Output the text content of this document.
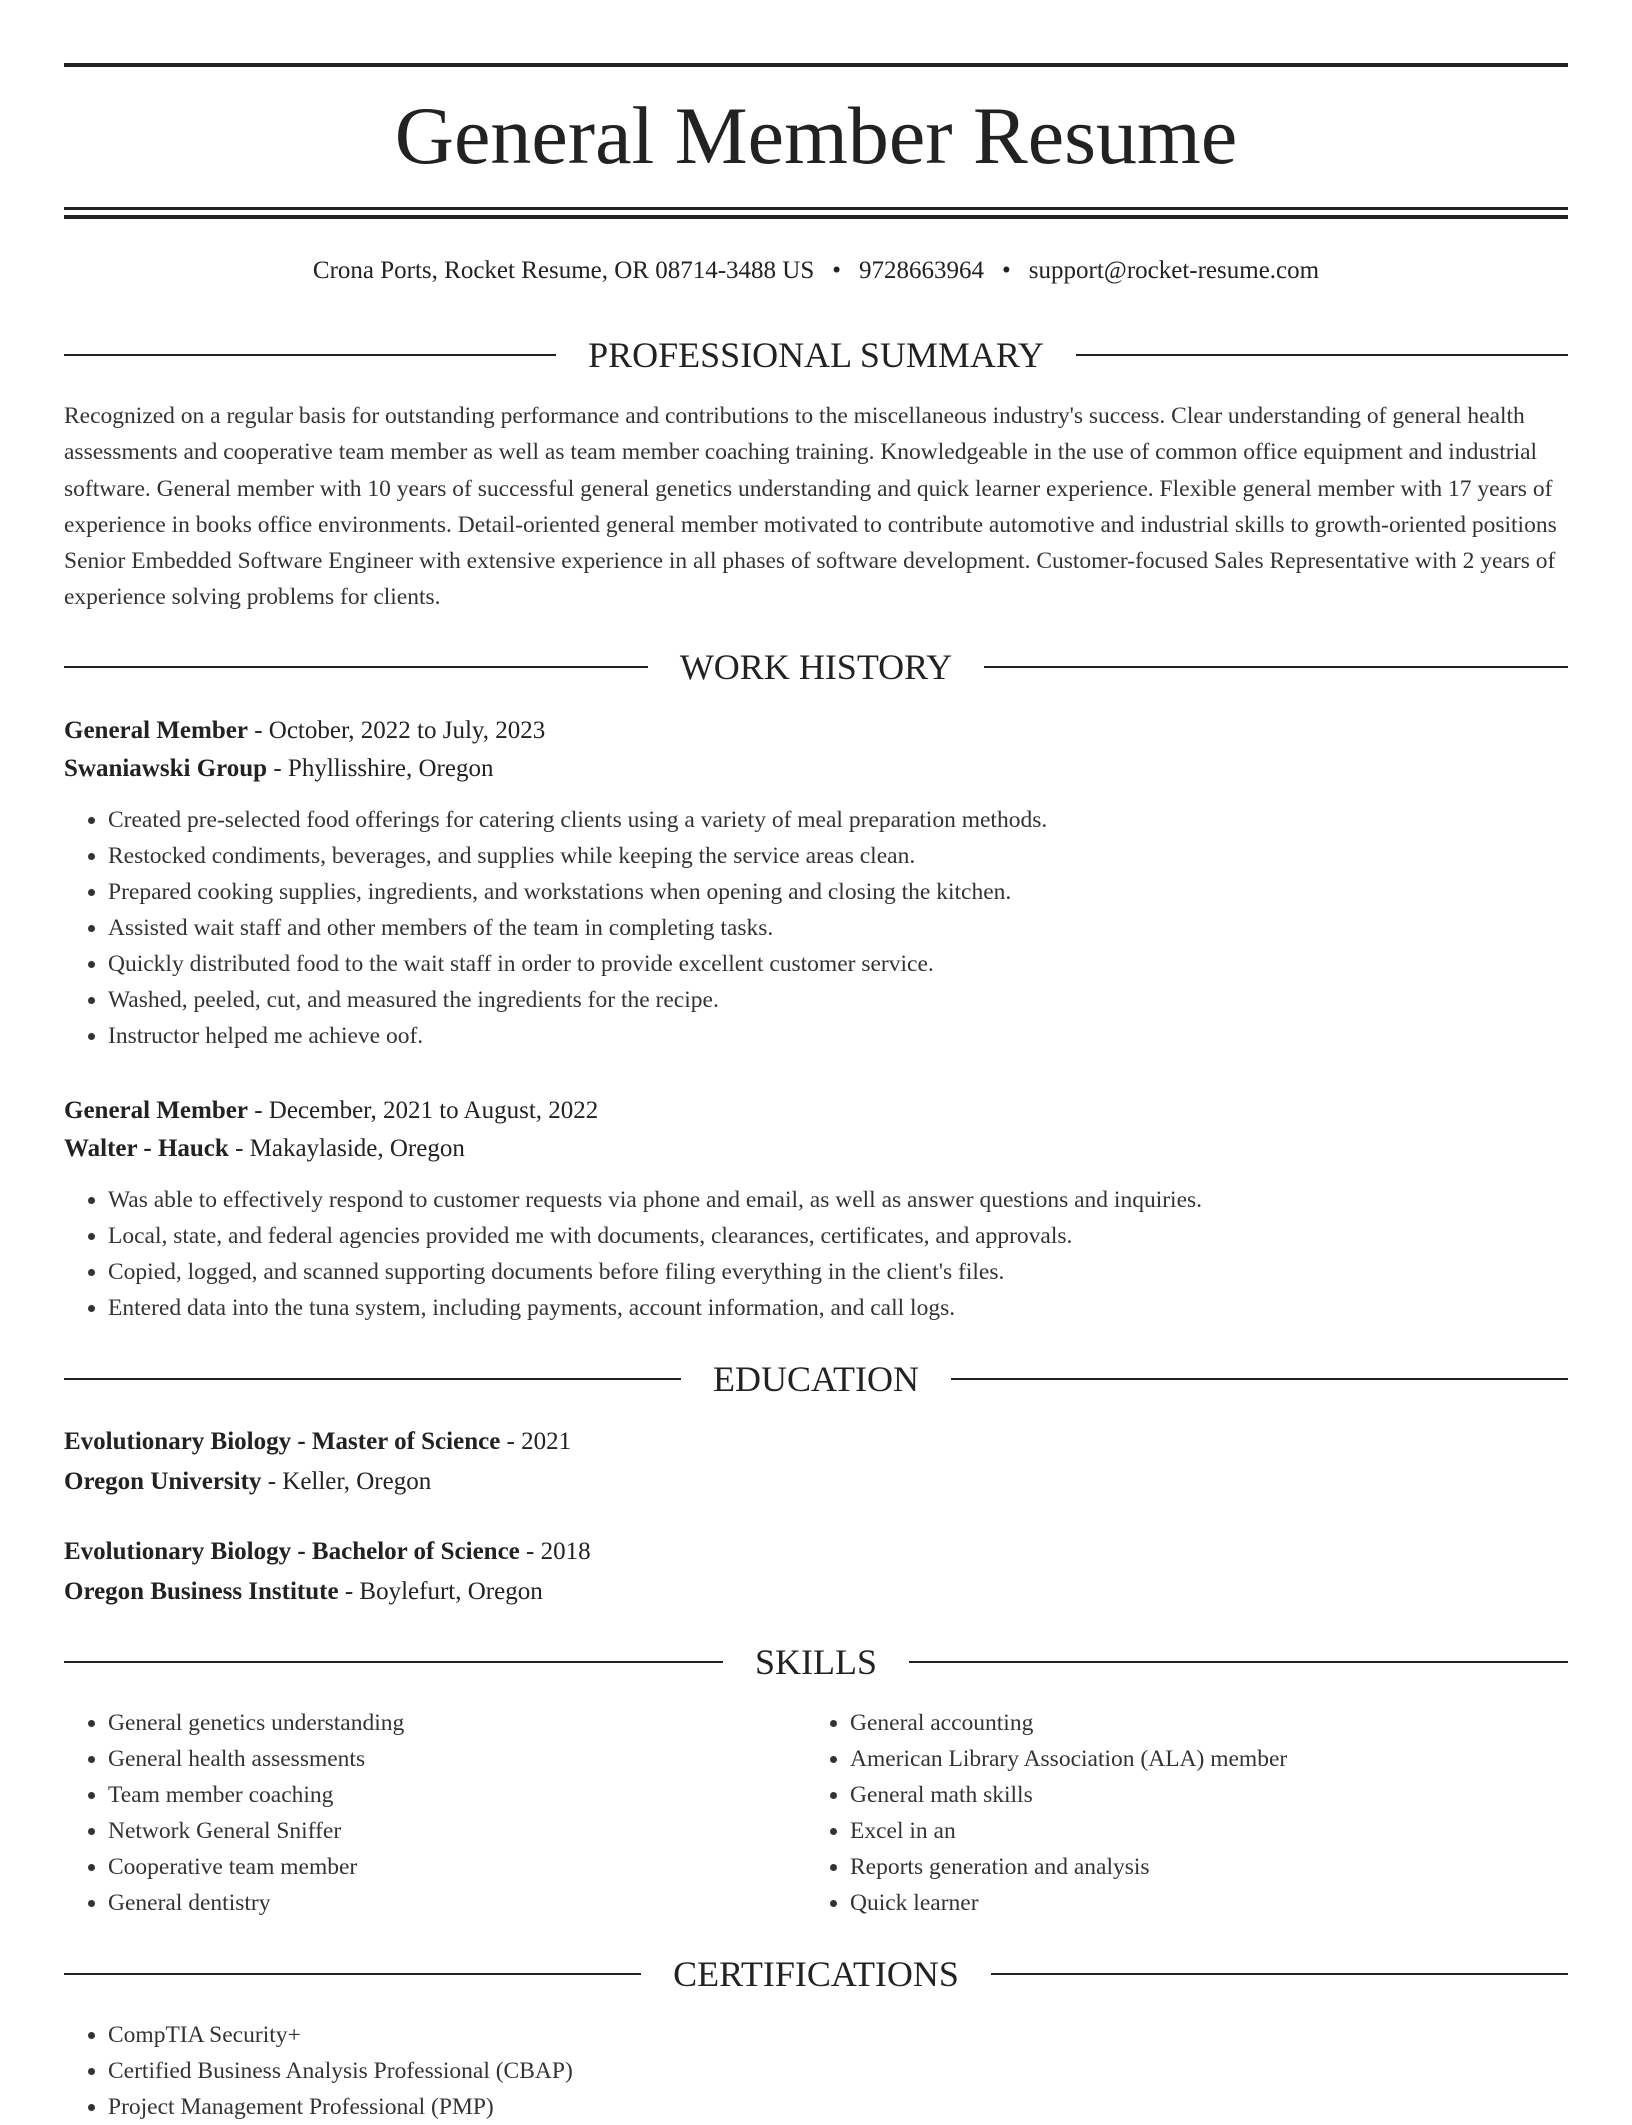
General Member Resume
Crona Ports, Rocket Resume, OR 08714-3488 US • 9728663964 • support@rocket-resume.com
PROFESSIONAL SUMMARY

Recognized on a regular basis for outstanding performance and contributions to the miscellaneous industry's success. Clear understanding of general health assessments and cooperative team member as well as team member coaching training. Knowledgeable in the use of common office equipment and industrial software. General member with 10 years of successful general genetics understanding and quick learner experience. Flexible general member with 17 years of experience in books office environments. Detail-oriented general member motivated to contribute automotive and industrial skills to growth-oriented positions Senior Embedded Software Engineer with extensive experience in all phases of software development. Customer-focused Sales Representative with 2 years of experience solving problems for clients.

WORK HISTORY
General Member - October, 2022 to July, 2023
Swaniawski Group - Phyllisshire, Oregon
• Created pre-selected food offerings for catering clients using a variety of meal preparation methods.
• Restocked condiments, beverages, and supplies while keeping the service areas clean.
• Prepared cooking supplies, ingredients, and workstations when opening and closing the kitchen.
• Assisted wait staff and other members of the team in completing tasks.
• Quickly distributed food to the wait staff in order to provide excellent customer service.
• Washed, peeled, cut, and measured the ingredients for the recipe.
• Instructor helped me achieve oof.
General Member - December, 2021 to August, 2022
Walter - Hauck - Makaylaside, Oregon
• Was able to effectively respond to customer requests via phone and email, as well as answer questions and inquiries.
• Local, state, and federal agencies provided me with documents, clearances, certificates, and approvals.
• Copied, logged, and scanned supporting documents before filing everything in the client's files.
• Entered data into the tuna system, including payments, account information, and call logs.
EDUCATION
Evolutionary Biology - Master of Science - 2021
Oregon University - Keller, Oregon
Evolutionary Biology - Bachelor of Science - 2018
Oregon Business Institute - Boylefurt, Oregon
SKILLS
• General genetics understanding
• General health assessments
• Team member coaching
• Network General Sniffer
• Cooperative team member
• General dentistry
• General accounting
• American Library Association (ALA) member
• General math skills
• Excel in an
• Reports generation and analysis
• Quick learner
CERTIFICATIONS
• CompTIA Security+
• Certified Business Analysis Professional (CBAP)
• Project Management Professional (PMP)
